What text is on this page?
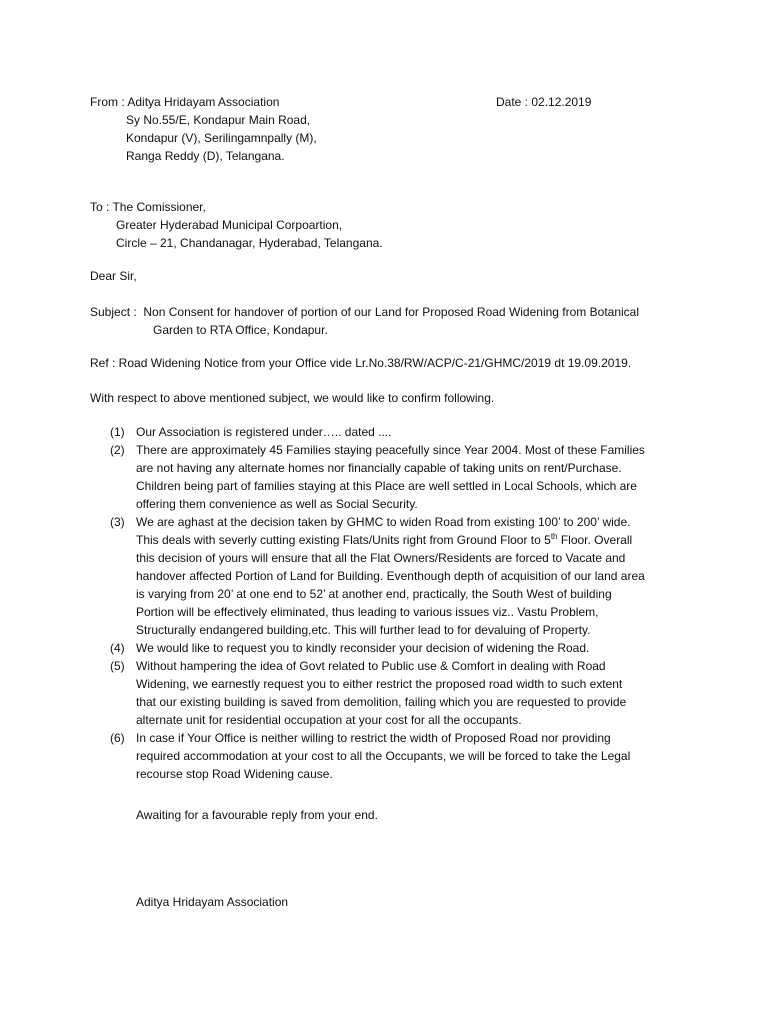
From : Aditya Hridayam Association
Sy No.55/E, Kondapur Main Road,
Kondapur (V), Serilingamnpally (M),
Ranga Reddy (D), Telangana.
Date : 02.12.2019
To : The Comissioner,
Greater Hyderabad Municipal Corpoartion,
Circle – 21, Chandanagar, Hyderabad, Telangana.
Dear Sir,
Subject : Non Consent for handover of portion of our Land for Proposed Road Widening from Botanical
Garden to RTA Office, Kondapur.
Ref : Road Widening Notice from your Office vide Lr.No.38/RW/ACP/C-21/GHMC/2019 dt 19.09.2019.
With respect to above mentioned subject, we would like to confirm following.
(1) Our Association is registered under….. dated ....
(2) There are approximately 45 Families staying peacefully since Year 2004. Most of these Families
are not having any alternate homes nor financially capable of taking units on rent/Purchase.
Children being part of families staying at this Place are well settled in Local Schools, which are
offering them convenience as well as Social Security.
(3) We are aghast at the decision taken by GHMC to widen Road from existing 100’ to 200’ wide.
This deals with severly cutting existing Flats/Units right from Ground Floor to 5th Floor. Overall
this decision of yours will ensure that all the Flat Owners/Residents are forced to Vacate and
handover affected Portion of Land for Building. Eventhough depth of acquisition of our land area
is varying from 20’ at one end to 52’ at another end, practically, the South West of building
Portion will be effectively eliminated, thus leading to various issues viz.. Vastu Problem,
Structurally endangered building,etc. This will further lead to for devaluing of Property.
(4) We would like to request you to kindly reconsider your decision of widening the Road.
(5) Without hampering the idea of Govt related to Public use & Comfort in dealing with Road
Widening, we earnestly request you to either restrict the proposed road width to such extent
that our existing building is saved from demolition, failing which you are requested to provide
alternate unit for residential occupation at your cost for all the occupants.
(6) In case if Your Office is neither willing to restrict the width of Proposed Road nor providing
required accommodation at your cost to all the Occupants, we will be forced to take the Legal
recourse stop Road Widening cause.
Awaiting for a favourable reply from your end.
Aditya Hridayam Association
